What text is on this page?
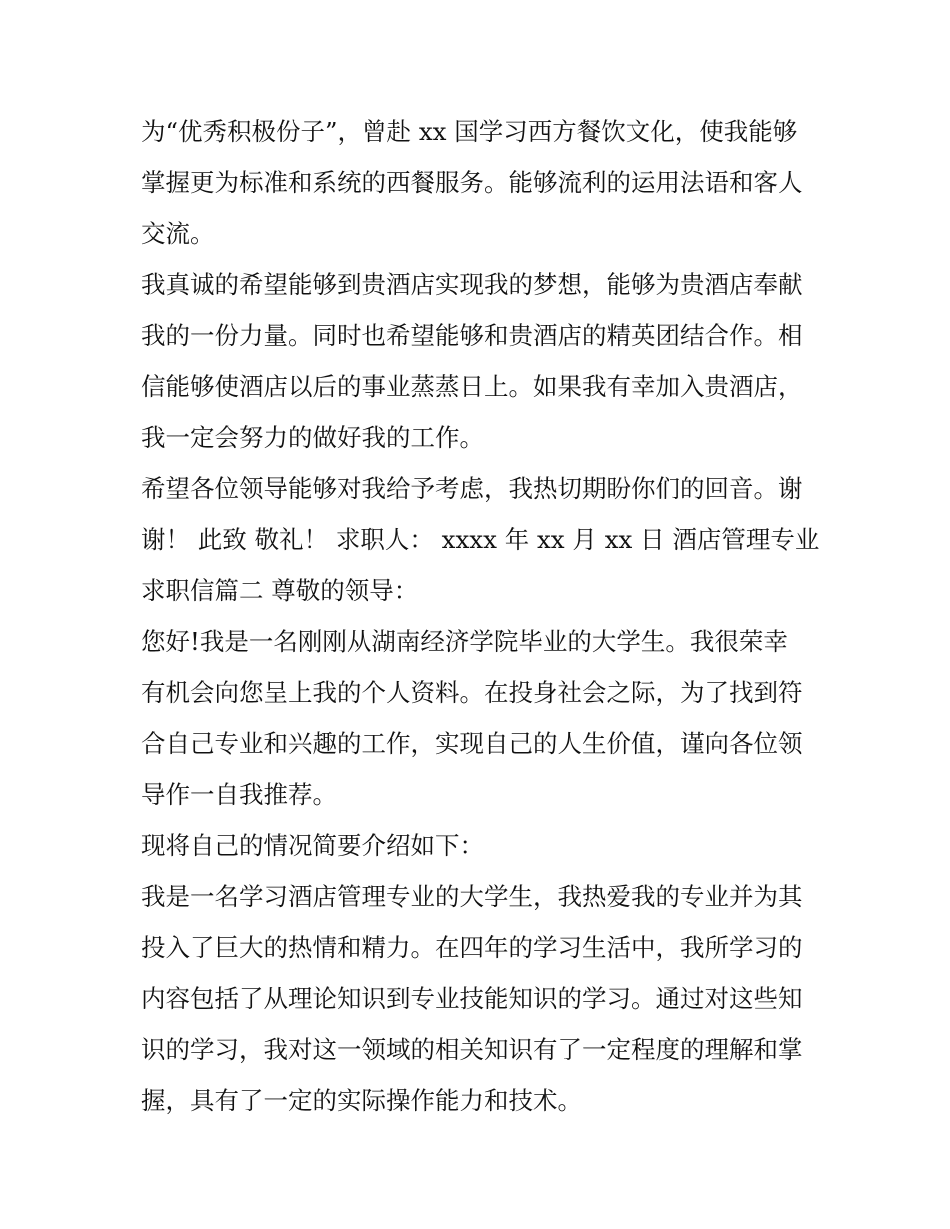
为“优秀积极份子”，曾赴 xx 国学习西方餐饮文化，使我能够
掌握更为标准和系统的西餐服务。能够流利的运用法语和客人
交流。
我真诚的希望能够到贵酒店实现我的梦想，能够为贵酒店奉献
我的一份力量。同时也希望能够和贵酒店的精英团结合作。相
信能够使酒店以后的事业蒸蒸日上。如果我有幸加入贵酒店，
我一定会努力的做好我的工作。
希望各位领导能够对我给予考虑，我热切期盼你们的回音。谢
谢！ 此致 敬礼！ 求职人： xxxx 年 xx 月 xx 日 酒店管理专业
求职信篇二 尊敬的领导：
您好!我是一名刚刚从湖南经济学院毕业的大学生。我很荣幸
有机会向您呈上我的个人资料。在投身社会之际，为了找到符
合自己专业和兴趣的工作，实现自己的人生价值，谨向各位领
导作一自我推荐。
现将自己的情况简要介绍如下：
我是一名学习酒店管理专业的大学生，我热爱我的专业并为其
投入了巨大的热情和精力。在四年的学习生活中，我所学习的
内容包括了从理论知识到专业技能知识的学习。通过对这些知
识的学习，我对这一领域的相关知识有了一定程度的理解和掌
握，具有了一定的实际操作能力和技术。
